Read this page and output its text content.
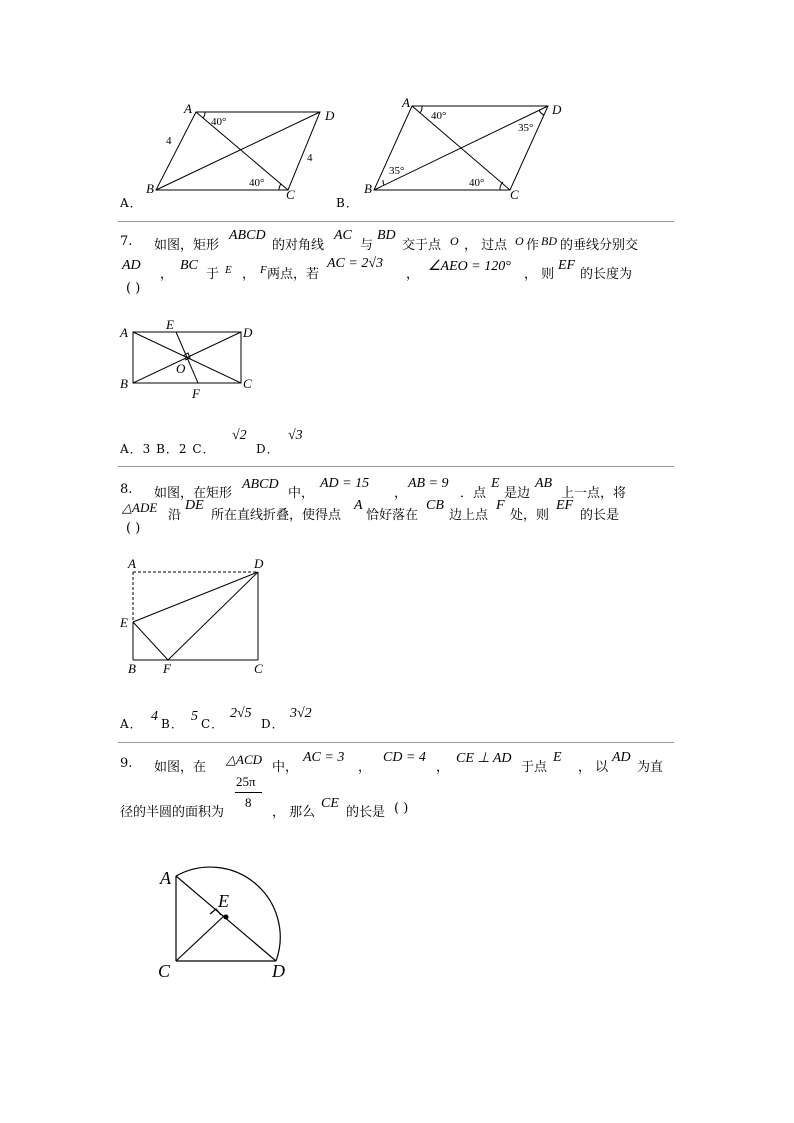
A	D
B	C
40°
40°
4
4
A	D
B	C
40°
35°
35°
40°
A．	B．
7. 如图，矩形
ABCD
的对角线
AC
与
BD
交于点 O ， 过点 O 作 BD 的垂线分别交
AD
，
BC
于 E ， F 两点，若
AC = 2√3
，
∠AEO = 120°
， 则
EF
的长度为
( )
A	D
B	C
E
F
O
A．3 B．2 C．
√2
D．
√3
8. 如图，在矩形
ABCD
中，
AD = 15
，
AB = 9
．点
E
是边
AB
上一点，将
△ADE
沿
DE
所在直线折叠，使得点
A
恰好落在
CB
边上点
F
处，则
EF
的长是
( )
A	D
E
B F	C
A． 4 B． 5 C．
2√5
D．
3√2
9. 如图，在
△ACD
中，
AC = 3
，
CD = 4
，
CE ⊥ AD
于点
E
， 以
AD
为直
径的半圆的面积为
25π
8
， 那么
CE
的长是 ( )
A
E
C	D
